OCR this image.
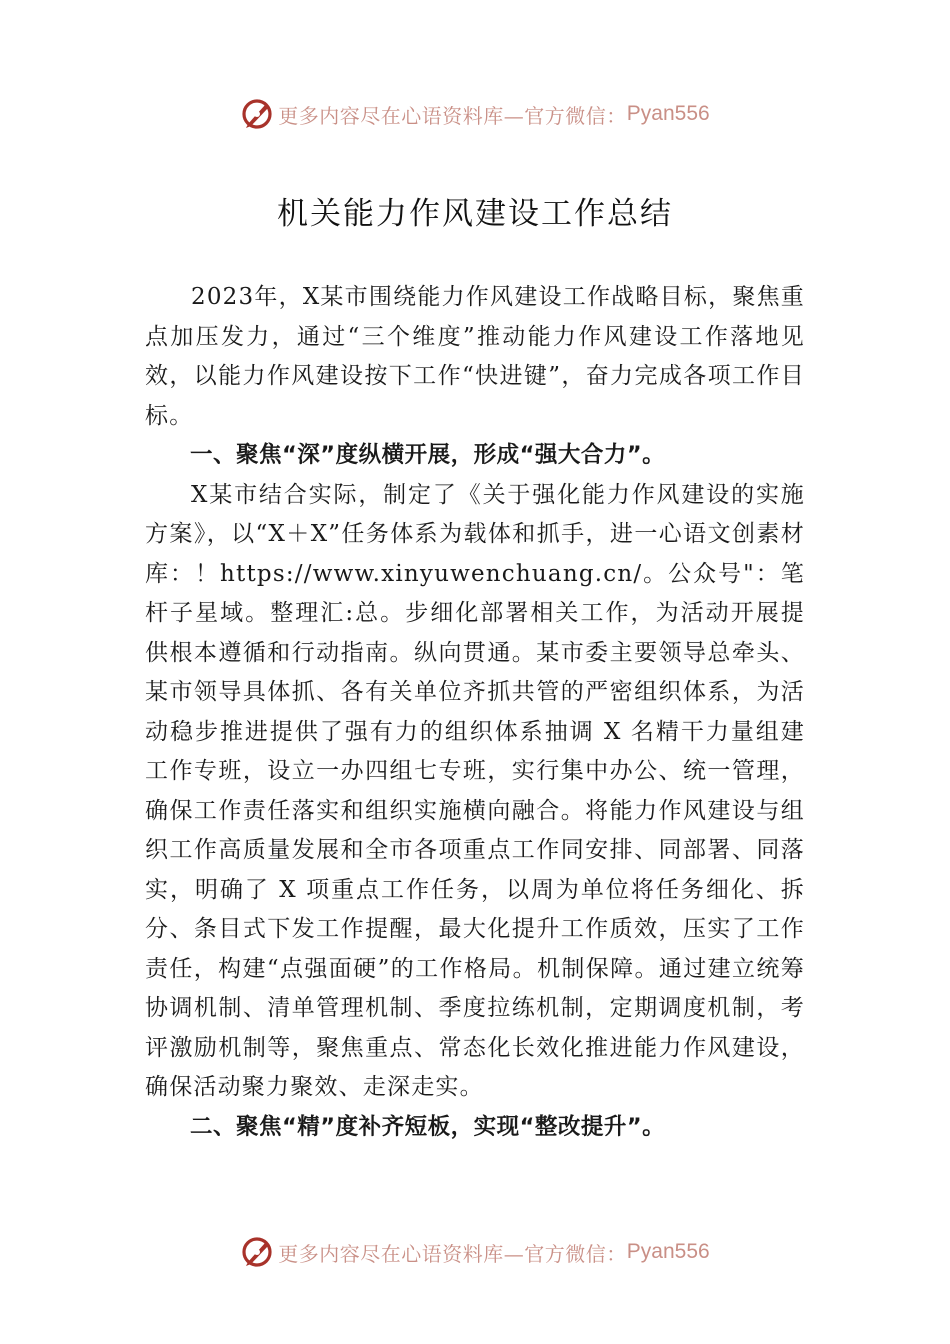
更多内容尽在心语资料库—官方微信： Pyan556
机关能力作风建设工作总结

2023年，X某市围绕能力作风建设工作战略目标，聚焦重点加压发力，通过“三个维度”推动能力作风建设工作落地见效，以能力作风建设按下工作“快进键”，奋力完成各项工作目标。

一、聚焦“深”度纵横开展，形成“强大合力”。

X某市结合实际，制定了《关于强化能力作风建设的实施方案》，以“X＋X”任务体系为载体和抓手，进一心语文创素材库：！https://www.xinyuwenchuang.cn/。公众号"：笔杆子星域。整理汇:总。步细化部署相关工作，为活动开展提供根本遵循和行动指南。纵向贯通。某市委主要领导总牵头、某市领导具体抓、各有关单位齐抓共管的严密组织体系，为活动稳步推进提供了强有力的组织体系抽调 X 名精干力量组建工作专班，设立一办四组七专班，实行集中办公、统一管理，确保工作责任落实和组织实施横向融合。将能力作风建设与组织工作高质量发展和全市各项重点工作同安排、同部署、同落实，明确了 X 项重点工作任务，以周为单位将任务细化、拆分、条目式下发工作提醒，最大化提升工作质效，压实了工作责任，构建“点强面硬”的工作格局。机制保障。通过建立统筹协调机制、清单管理机制、季度拉练机制，定期调度机制，考评激励机制等，聚焦重点、常态化长效化推进能力作风建设，确保活动聚力聚效、走深走实。

二、聚焦“精”度补齐短板，实现“整改提升”。

更多内容尽在心语资料库—官方微信： Pyan556
